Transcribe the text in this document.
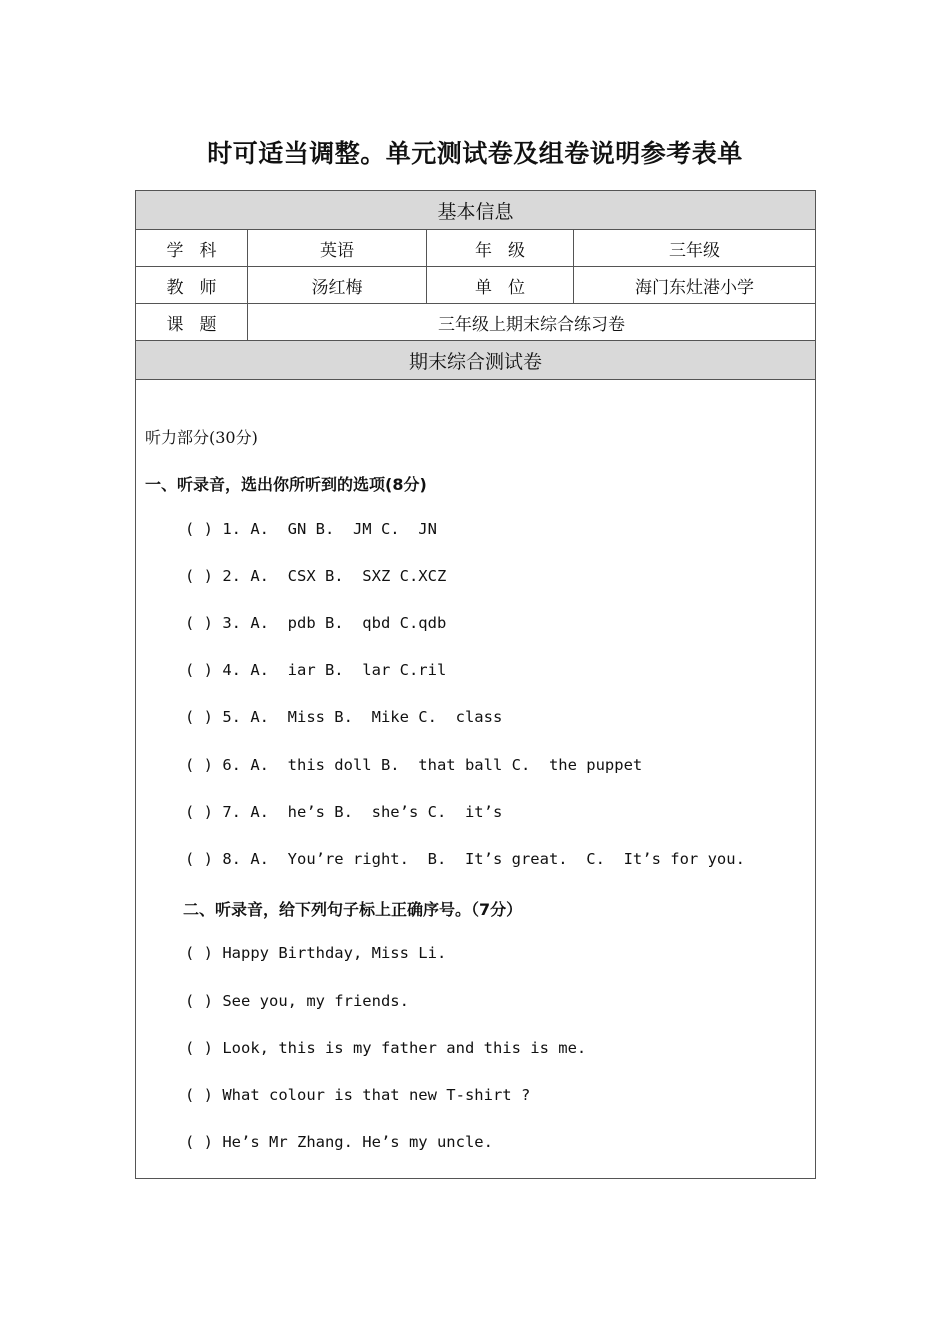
时可适当调整。单元测试卷及组卷说明参考表单
基本信息
学科	英语	年级	三年级
教师	汤红梅	单位	海门东灶港小学
课题	三年级上期末综合练习卷
期末综合测试卷
听力部分(30分)
一、听录音，选出你所听到的选项(8分)
( ) 1. A.  GN B.  JM C.  JN
( ) 2. A.  CSX B.  SXZ C.XCZ
( ) 3. A.  pdb B.  qbd C.qdb
( ) 4. A.  iar B.  lar C.ril
( ) 5. A.  Miss B.  Mike C.  class
( ) 6. A.  this doll B.  that ball C.  the puppet
( ) 7. A.  he’s B.  she’s C.  it’s
( ) 8. A.  You’re right.  B.  It’s great.  C.  It’s for you.
二、听录音，给下列句子标上正确序号。（7分）
( ) Happy Birthday, Miss Li.
( ) See you, my friends.
( ) Look, this is my father and this is me.
( ) What colour is that new T-shirt ?
( ) He’s Mr Zhang. He’s my uncle.
